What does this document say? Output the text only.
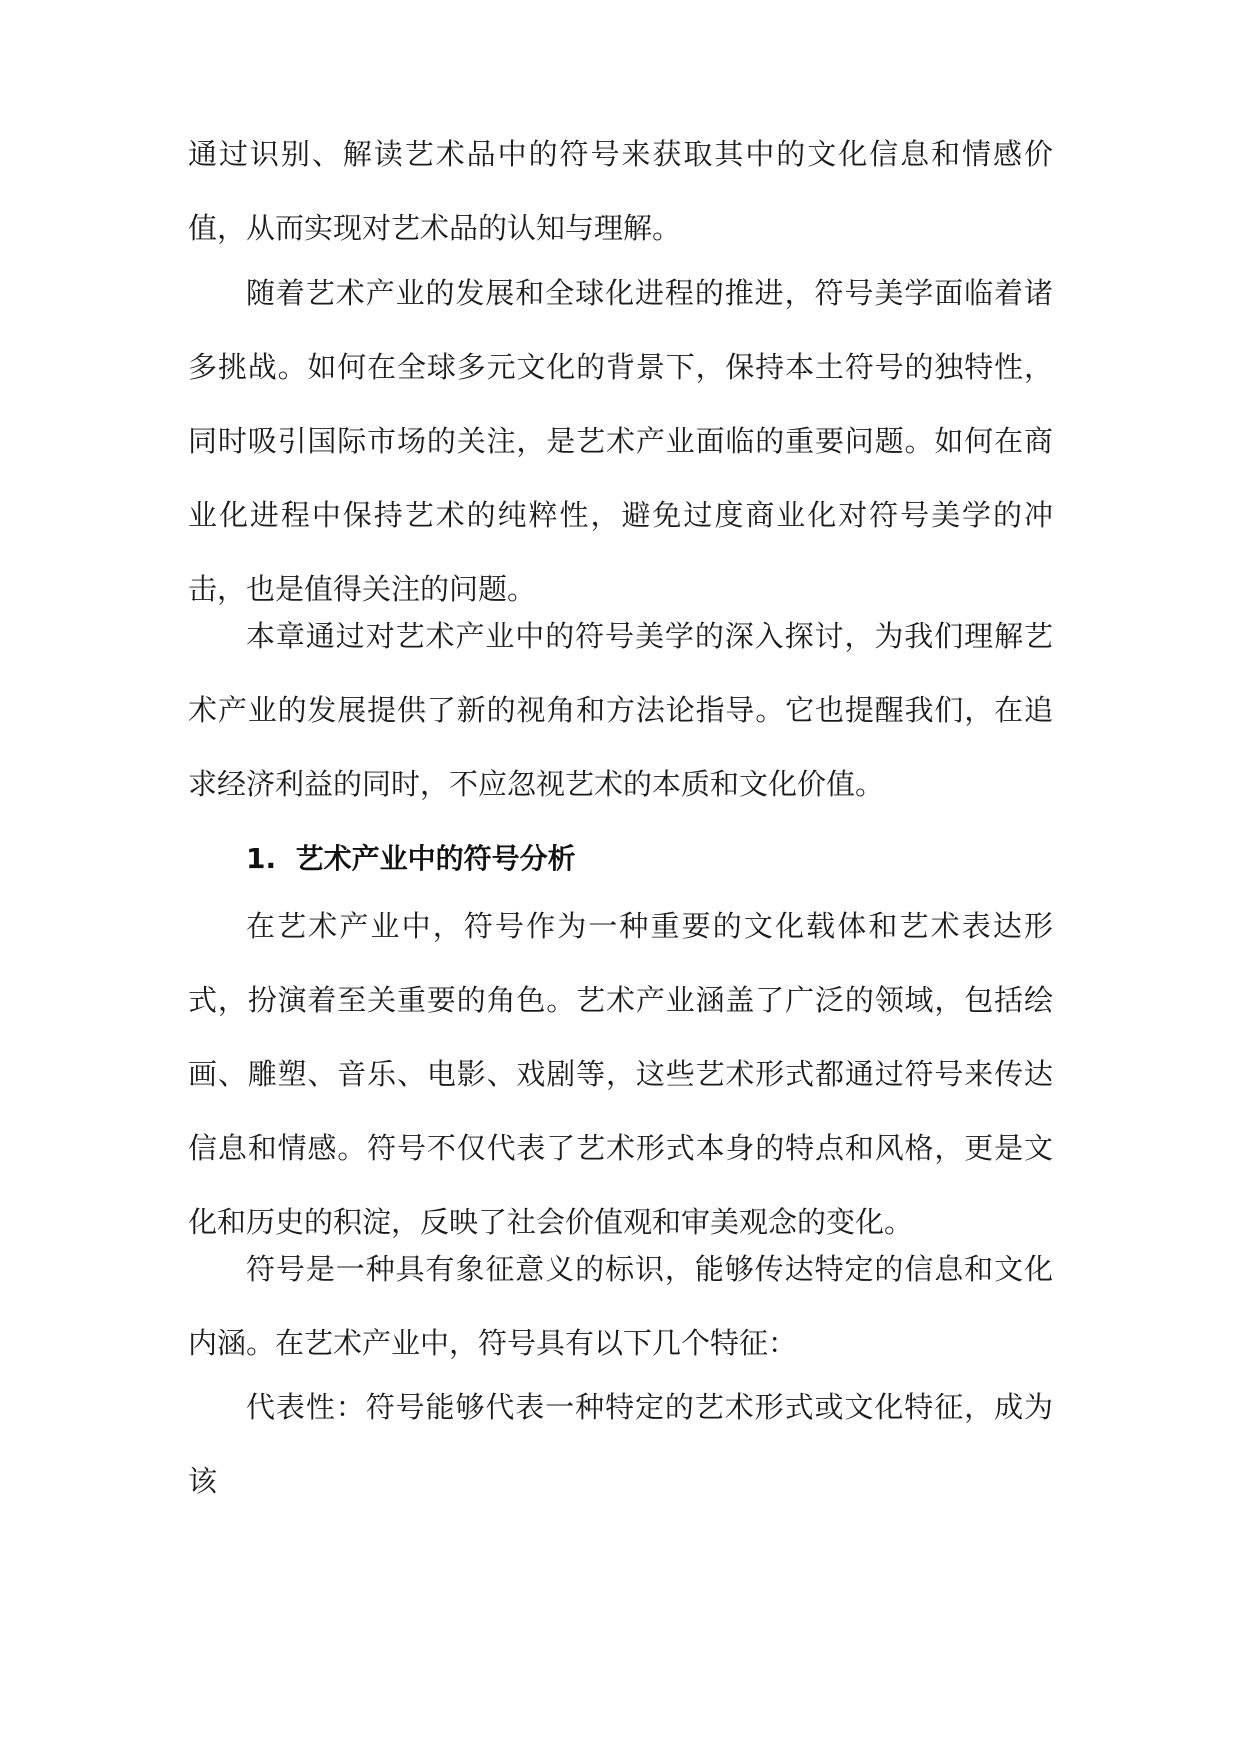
通过识别、解读艺术品中的符号来获取其中的文化信息和情感价值，从而实现对艺术品的认知与理解。

随着艺术产业的发展和全球化进程的推进，符号美学面临着诸多挑战。如何在全球多元文化的背景下，保持本土符号的独特性，同时吸引国际市场的关注，是艺术产业面临的重要问题。如何在商业化进程中保持艺术的纯粹性，避免过度商业化对符号美学的冲击，也是值得关注的问题。

本章通过对艺术产业中的符号美学的深入探讨，为我们理解艺术产业的发展提供了新的视角和方法论指导。它也提醒我们，在追求经济利益的同时，不应忽视艺术的本质和文化价值。

1. 艺术产业中的符号分析

在艺术产业中，符号作为一种重要的文化载体和艺术表达形式，扮演着至关重要的角色。艺术产业涵盖了广泛的领域，包括绘画、雕塑、音乐、电影、戏剧等，这些艺术形式都通过符号来传达信息和情感。符号不仅代表了艺术形式本身的特点和风格，更是文化和历史的积淀，反映了社会价值观和审美观念的变化。

符号是一种具有象征意义的标识，能够传达特定的信息和文化内涵。在艺术产业中，符号具有以下几个特征：

代表性：符号能够代表一种特定的艺术形式或文化特征，成为该
